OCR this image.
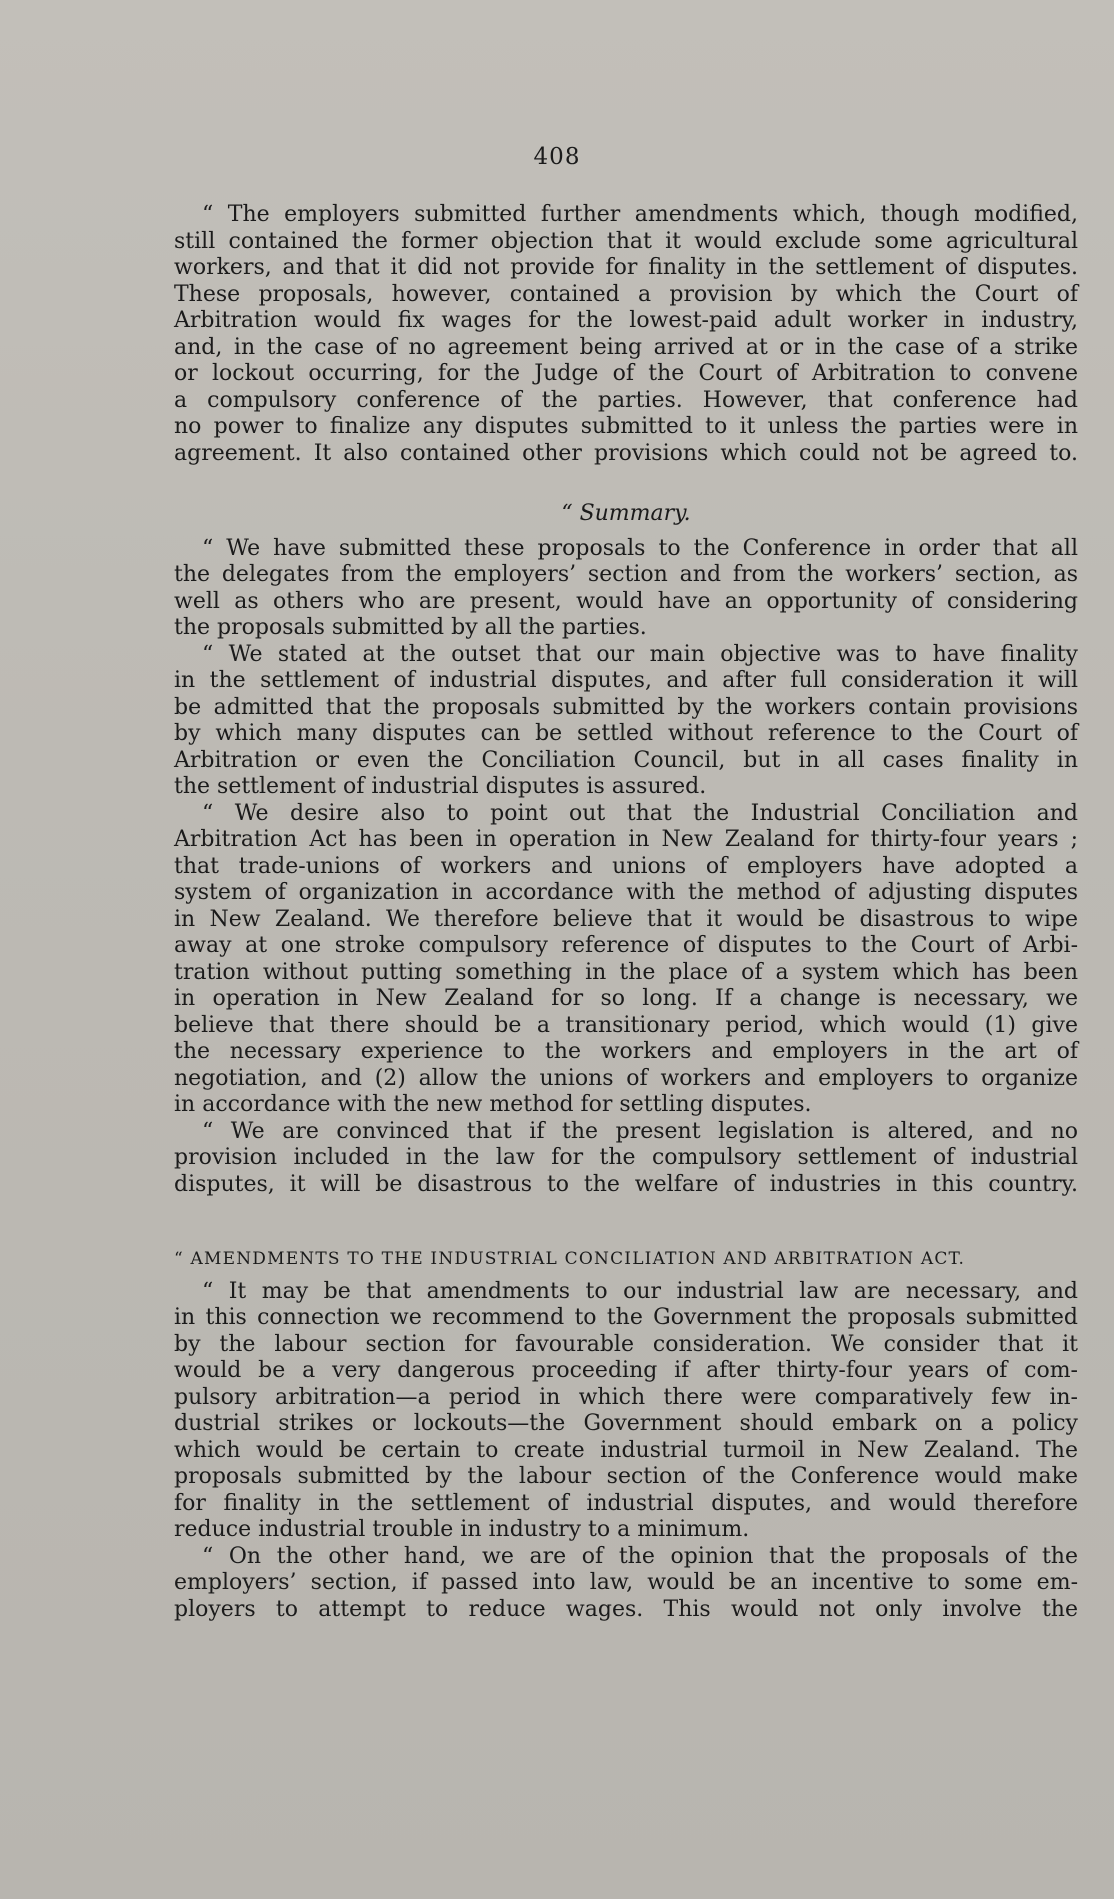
408
“ The employers submitted further amendments which, though modified,
still contained the former objection that it would exclude some agricultural
workers, and that it did not provide for finality in the settlement of disputes.
These proposals, however, contained a provision by which the Court of
Arbitration would fix wages for the lowest-paid adult worker in industry,
and, in the case of no agreement being arrived at or in the case of a strike
or lockout occurring, for the Judge of the Court of Arbitration to convene
a compulsory conference of the parties. However, that conference had
no power to finalize any disputes submitted to it unless the parties were in
agreement. It also contained other provisions which could not be agreed to.
“ Summary.
“ We have submitted these proposals to the Conference in order that all
the delegates from the employers’ section and from the workers’ section, as
well as others who are present, would have an opportunity of considering
the proposals submitted by all the parties.
“ We stated at the outset that our main objective was to have finality
in the settlement of industrial disputes, and after full consideration it will
be admitted that the proposals submitted by the workers contain provisions
by which many disputes can be settled without reference to the Court of
Arbitration or even the Conciliation Council, but in all cases finality in
the settlement of industrial disputes is assured.
“ We desire also to point out that the Industrial Conciliation and
Arbitration Act has been in operation in New Zealand for thirty-four years ;
that trade-unions of workers and unions of employers have adopted a
system of organization in accordance with the method of adjusting disputes
in New Zealand. We therefore believe that it would be disastrous to wipe
away at one stroke compulsory reference of disputes to the Court of Arbi-
tration without putting something in the place of a system which has been
in operation in New Zealand for so long. If a change is necessary, we
believe that there should be a transitionary period, which would (1) give
the necessary experience to the workers and employers in the art of
negotiation, and (2) allow the unions of workers and employers to organize
in accordance with the new method for settling disputes.
“ We are convinced that if the present legislation is altered, and no
provision included in the law for the compulsory settlement of industrial
disputes, it will be disastrous to the welfare of industries in this country.
“ AMENDMENTS TO THE INDUSTRIAL CONCILIATION AND ARBITRATION ACT.
“ It may be that amendments to our industrial law are necessary, and
in this connection we recommend to the Government the proposals submitted
by the labour section for favourable consideration. We consider that it
would be a very dangerous proceeding if after thirty-four years of com-
pulsory arbitration—a period in which there were comparatively few in-
dustrial strikes or lockouts—the Government should embark on a policy
which would be certain to create industrial turmoil in New Zealand. The
proposals submitted by the labour section of the Conference would make
for finality in the settlement of industrial disputes, and would therefore
reduce industrial trouble in industry to a minimum.
“ On the other hand, we are of the opinion that the proposals of the
employers’ section, if passed into law, would be an incentive to some em-
ployers to attempt to reduce wages. This would not only involve the
